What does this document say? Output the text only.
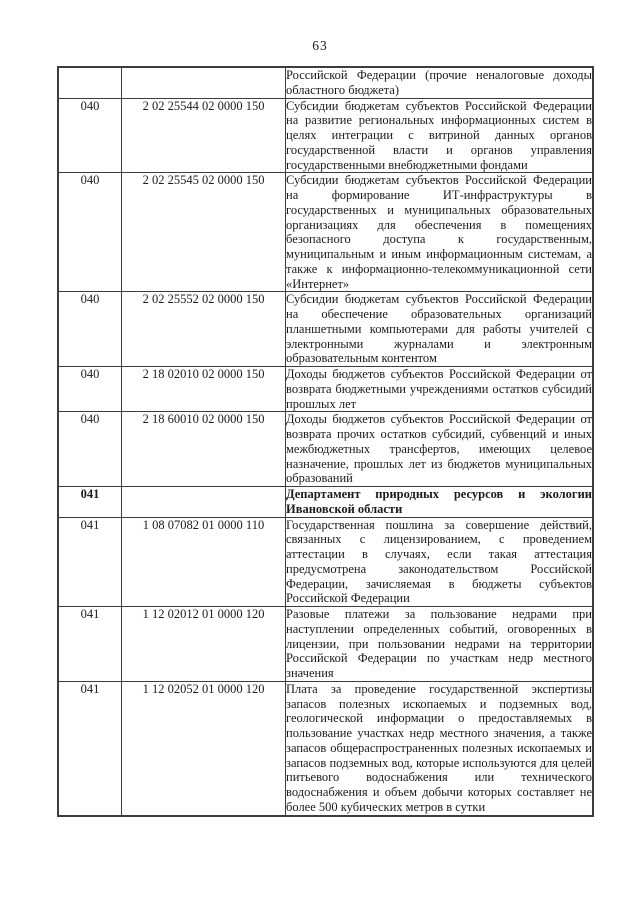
63
		Российской Федерации (прочие неналоговые доходы областного бюджета)
040	2 02 25544 02 0000 150	Субсидии бюджетам субъектов Российской Федерации на развитие региональных информационных систем в целях интеграции с витриной данных органов государственной власти и органов управления государственными внебюджетными фондами
040	2 02 25545 02 0000 150	Субсидии бюджетам субъектов Российской Федерации на формирование ИТ-инфраструктуры в государственных и муниципальных образовательных организациях для обеспечения в помещениях безопасного доступа к государственным, муниципальным и иным информационным системам, а также к информационно-телекоммуникационной сети «Интернет»
040	2 02 25552 02 0000 150	Субсидии бюджетам субъектов Российской Федерации на обеспечение образовательных организаций планшетными компьютерами для работы учителей с электронными журналами и электронным образовательным контентом
040	2 18 02010 02 0000 150	Доходы бюджетов субъектов Российской Федерации от возврата бюджетными учреждениями остатков субсидий прошлых лет
040	2 18 60010 02 0000 150	Доходы бюджетов субъектов Российской Федерации от возврата прочих остатков субсидий, субвенций и иных межбюджетных трансфертов, имеющих целевое назначение, прошлых лет из бюджетов муниципальных образований
041		Департамент природных ресурсов и экологии Ивановской области
041	1 08 07082 01 0000 110	Государственная пошлина за совершение действий, связанных с лицензированием, с проведением аттестации в случаях, если такая аттестация предусмотрена законодательством Российской Федерации, зачисляемая в бюджеты субъектов Российской Федерации
041	1 12 02012 01 0000 120	Разовые платежи за пользование недрами при наступлении определенных событий, оговоренных в лицензии, при пользовании недрами на территории Российской Федерации по участкам недр местного значения
041	1 12 02052 01 0000 120	Плата за проведение государственной экспертизы запасов полезных ископаемых и подземных вод, геологической информации о предоставляемых в пользование участках недр местного значения, а также запасов общераспространенных полезных ископаемых и запасов подземных вод, которые используются для целей питьевого водоснабжения или технического водоснабжения и объем добычи которых составляет не более 500 кубических метров в сутки
